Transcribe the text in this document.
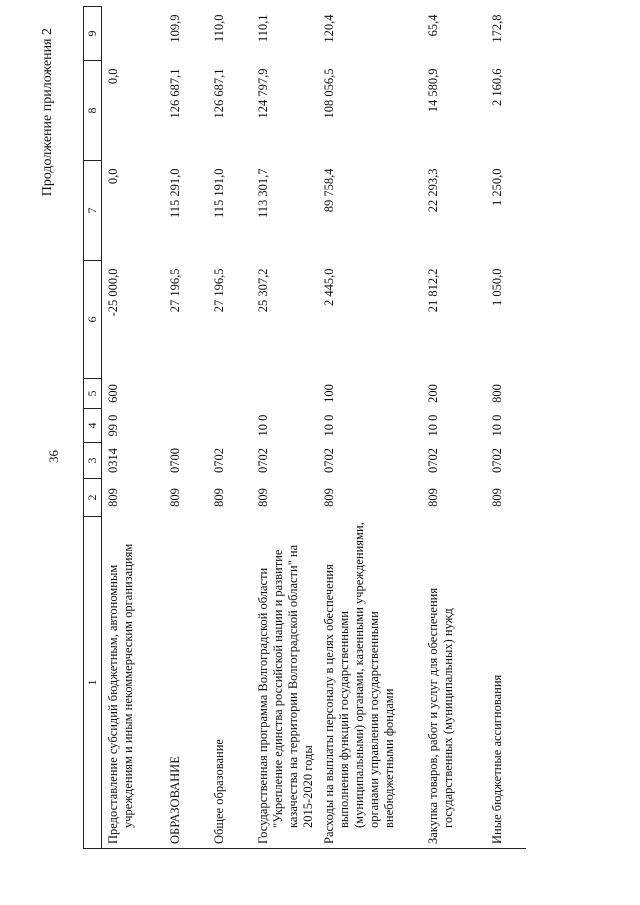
36
Продолжение приложения 2
1	2	3	4	5	6	7	8	9
Предоставление субсидий бюджетным, автономным учреждениям и иным некоммерческим организациям	809	0314	99 0	600	-25 000,0	0,0	0,0	
ОБРАЗОВАНИЕ	809	0700			27 196,5	115 291,0	126 687,1	109,9
Общее образование	809	0702			27 196,5	115 191,0	126 687,1	110,0
Государственная программа Волгоградской области "Укрепление единства российской нации и развитие казачества на территории Волгоградской области" на 2015-2020 годы	809	0702	10 0		25 307,2	113 301,7	124 797,9	110,1
Расходы на выплаты персоналу в целях обеспечения выполнения функций государственными (муниципальными) органами, казенными учреждениями, органами управления государственными внебюджетными фондами	809	0702	10 0	100	2 445,0	89 758,4	108 056,5	120,4
Закупка товаров, работ и услуг для обеспечения государственных (муниципальных) нужд	809	0702	10 0	200	21 812,2	22 293,3	14 580,9	65,4
Иные бюджетные ассигнования	809	0702	10 0	800	1 050,0	1 250,0	2 160,6	172,8
